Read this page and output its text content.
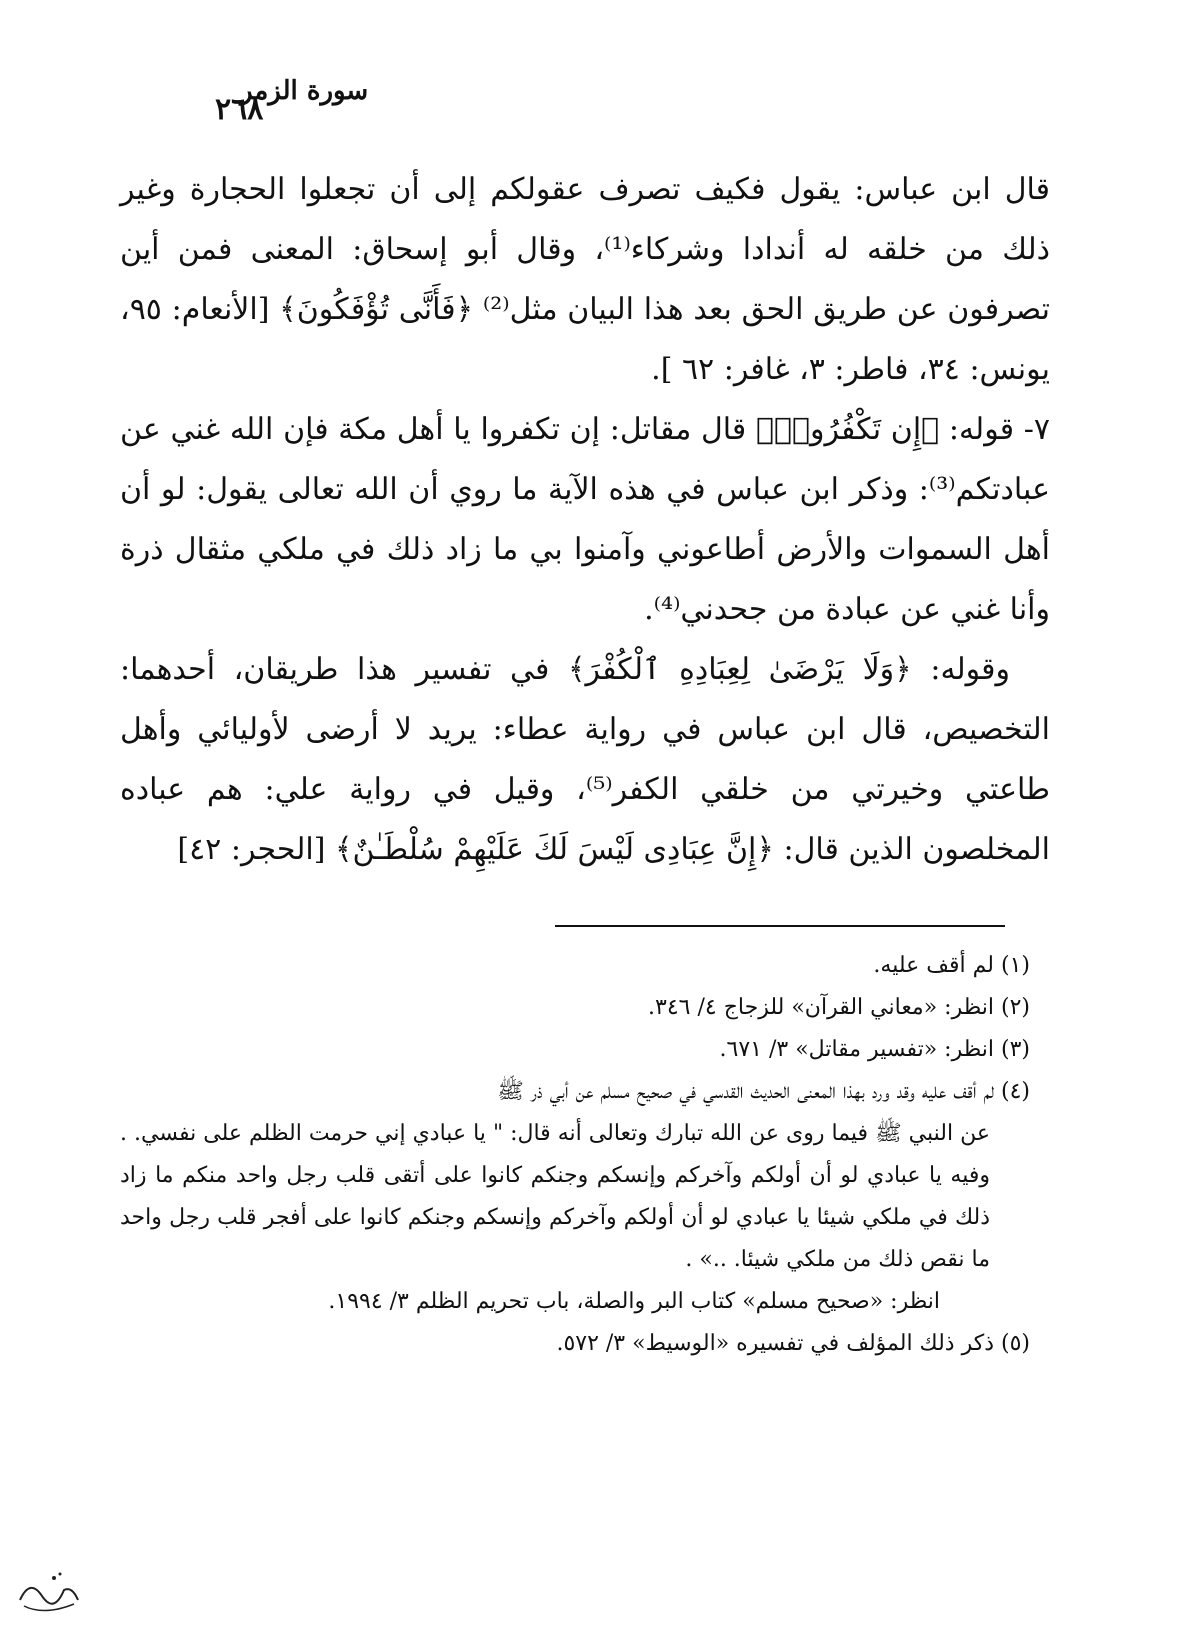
سورة الزمر
٢٦٨

قال ابن عباس: يقول فكيف تصرف عقولكم إلى أن تجعلوا الحجارة وغير ذلك من خلقه له أندادا وشركاء⁽¹⁾، وقال أبو إسحاق: المعنى فمن أين تصرفون عن طريق الحق بعد هذا البيان مثل⁽²⁾ ﴿فَأَنَّى تُؤْفَكُونَ﴾ [الأنعام: ٩٥، يونس: ٣٤، فاطر: ٣، غافر: ٦٢ ].

٧- قوله: ﴿إِن تَكْفُرُوا۟﴾ قال مقاتل: إن تكفروا يا أهل مكة فإن الله غني عن عبادتكم⁽³⁾: وذكر ابن عباس في هذه الآية ما روي أن الله تعالى يقول: لو أن أهل السموات والأرض أطاعوني وآمنوا بي ما زاد ذلك في ملكي مثقال ذرة وأنا غني عن عبادة من جحدني⁽⁴⁾.

وقوله: ﴿وَلَا يَرْضَىٰ لِعِبَادِهِ ٱلْكُفْرَ﴾ في تفسير هذا طريقان، أحدهما: التخصيص، قال ابن عباس في رواية عطاء: يريد لا أرضى لأوليائي وأهل طاعتي وخيرتي من خلقي الكفر⁽⁵⁾، وقيل في رواية علي: هم عباده المخلصون الذين قال: ﴿إِنَّ عِبَادِى لَيْسَ لَكَ عَلَيْهِمْ سُلْطَـٰنٌ﴾ [الحجر: ٤٢]

(١) لم أقف عليه.

(٢) انظر: «معاني القرآن» للزجاج ٤/ ٣٤٦.

(٣) انظر: «تفسير مقاتل» ٣/ ٦٧١.

(٤) لم أقف عليه وقد ورد بهذا المعنى الحديث القدسي في صحيح مسلم عن أبي ذر ﷺ

عن النبي ﷺ فيما روى عن الله تبارك وتعالى أنه قال: " يا عبادي إني حرمت الظلم على نفسي. . وفيه يا عبادي لو أن أولكم وآخركم وإنسكم وجنكم كانوا على أتقى قلب رجل واحد منكم ما زاد ذلك في ملكي شيئا يا عبادي لو أن أولكم وآخركم وإنسكم وجنكم كانوا على أفجر قلب رجل واحد ما نقص ذلك من ملكي شيئا. ..» .

انظر: «صحيح مسلم» كتاب البر والصلة، باب تحريم الظلم ٣/ ١٩٩٤.

(٥) ذكر ذلك المؤلف في تفسيره «الوسيط» ٣/ ٥٧٢.
